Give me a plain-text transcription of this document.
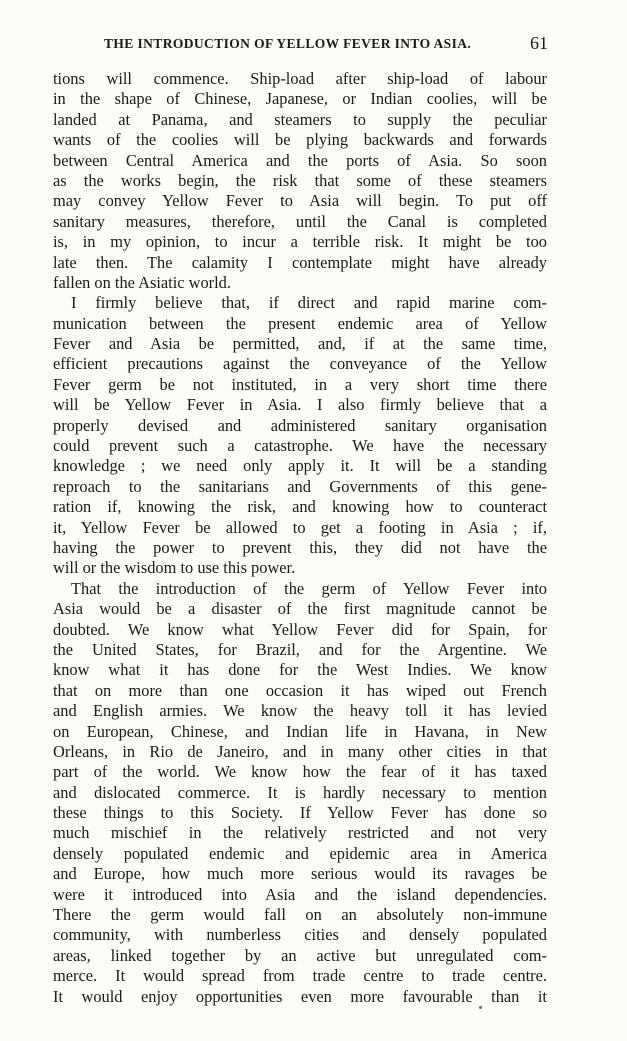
THE INTRODUCTION OF YELLOW FEVER INTO ASIA.	61
tions will commence. Ship-load after ship-load of labour
in the shape of Chinese, Japanese, or Indian coolies, will be
landed at Panama, and steamers to supply the peculiar
wants of the coolies will be plying backwards and forwards
between Central America and the ports of Asia. So soon
as the works begin, the risk that some of these steamers
may convey Yellow Fever to Asia will begin. To put off
sanitary measures, therefore, until the Canal is completed
is, in my opinion, to incur a terrible risk. It might be too
late then. The calamity I contemplate might have already
fallen on the Asiatic world.
I firmly believe that, if direct and rapid marine com-
munication between the present endemic area of Yellow
Fever and Asia be permitted, and, if at the same time,
efficient precautions against the conveyance of the Yellow
Fever germ be not instituted, in a very short time there
will be Yellow Fever in Asia. I also firmly believe that a
properly devised and administered sanitary organisation
could prevent such a catastrophe. We have the necessary
knowledge ; we need only apply it. It will be a standing
reproach to the sanitarians and Governments of this gene-
ration if, knowing the risk, and knowing how to counteract
it, Yellow Fever be allowed to get a footing in Asia ; if,
having the power to prevent this, they did not have the
will or the wisdom to use this power.
That the introduction of the germ of Yellow Fever into
Asia would be a disaster of the first magnitude cannot be
doubted. We know what Yellow Fever did for Spain, for
the United States, for Brazil, and for the Argentine. We
know what it has done for the West Indies. We know
that on more than one occasion it has wiped out French
and English armies. We know the heavy toll it has levied
on European, Chinese, and Indian life in Havana, in New
Orleans, in Rio de Janeiro, and in many other cities in that
part of the world. We know how the fear of it has taxed
and dislocated commerce. It is hardly necessary to mention
these things to this Society. If Yellow Fever has done so
much mischief in the relatively restricted and not very
densely populated endemic and epidemic area in America
and Europe, how much more serious would its ravages be
were it introduced into Asia and the island dependencies.
There the germ would fall on an absolutely non-immune
community, with numberless cities and densely populated
areas, linked together by an active but unregulated com-
merce. It would spread from trade centre to trade centre.
It would enjoy opportunities even more favourable than it
